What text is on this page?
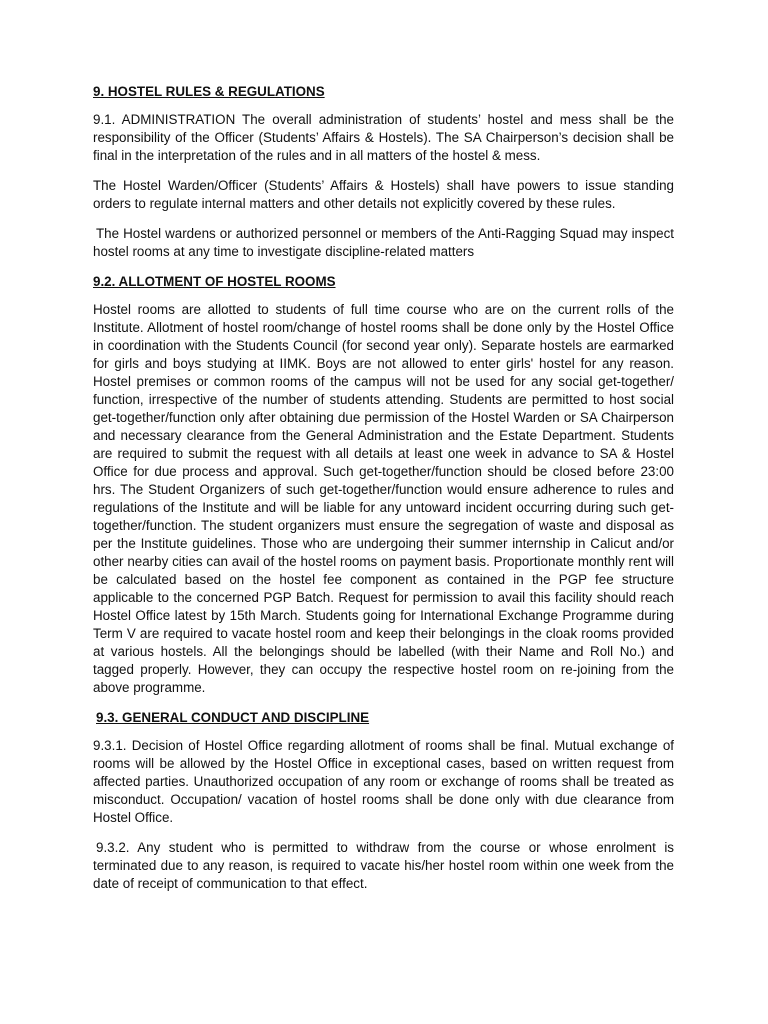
9. HOSTEL RULES & REGULATIONS

9.1. ADMINISTRATION The overall administration of students’ hostel and mess shall be the responsibility of the Officer (Students’ Affairs & Hostels). The SA Chairperson’s decision shall be final in the interpretation of the rules and in all matters of the hostel & mess.

The Hostel Warden/Officer (Students’ Affairs & Hostels) shall have powers to issue standing orders to regulate internal matters and other details not explicitly covered by these rules.

The Hostel wardens or authorized personnel or members of the Anti-Ragging Squad may inspect hostel rooms at any time to investigate discipline-related matters

9.2. ALLOTMENT OF HOSTEL ROOMS

Hostel rooms are allotted to students of full time course who are on the current rolls of the Institute. Allotment of hostel room/change of hostel rooms shall be done only by the Hostel Office in coordination with the Students Council (for second year only). Separate hostels are earmarked for girls and boys studying at IIMK. Boys are not allowed to enter girls' hostel for any reason. Hostel premises or common rooms of the campus will not be used for any social get-together/ function, irrespective of the number of students attending. Students are permitted to host social get-together/function only after obtaining due permission of the Hostel Warden or SA Chairperson and necessary clearance from the General Administration and the Estate Department. Students are required to submit the request with all details at least one week in advance to SA & Hostel Office for due process and approval. Such get-together/function should be closed before 23:00 hrs. The Student Organizers of such get-together/function would ensure adherence to rules and regulations of the Institute and will be liable for any untoward incident occurring during such get-together/function. The student organizers must ensure the segregation of waste and disposal as per the Institute guidelines. Those who are undergoing their summer internship in Calicut and/or other nearby cities can avail of the hostel rooms on payment basis. Proportionate monthly rent will be calculated based on the hostel fee component as contained in the PGP fee structure applicable to the concerned PGP Batch. Request for permission to avail this facility should reach Hostel Office latest by 15th March. Students going for International Exchange Programme during Term V are required to vacate hostel room and keep their belongings in the cloak rooms provided at various hostels. All the belongings should be labelled (with their Name and Roll No.) and tagged properly. However, they can occupy the respective hostel room on re-joining from the above programme.

9.3. GENERAL CONDUCT AND DISCIPLINE

9.3.1. Decision of Hostel Office regarding allotment of rooms shall be final. Mutual exchange of rooms will be allowed by the Hostel Office in exceptional cases, based on written request from affected parties. Unauthorized occupation of any room or exchange of rooms shall be treated as misconduct. Occupation/ vacation of hostel rooms shall be done only with due clearance from Hostel Office.

9.3.2. Any student who is permitted to withdraw from the course or whose enrolment is terminated due to any reason, is required to vacate his/her hostel room within one week from the date of receipt of communication to that effect.
